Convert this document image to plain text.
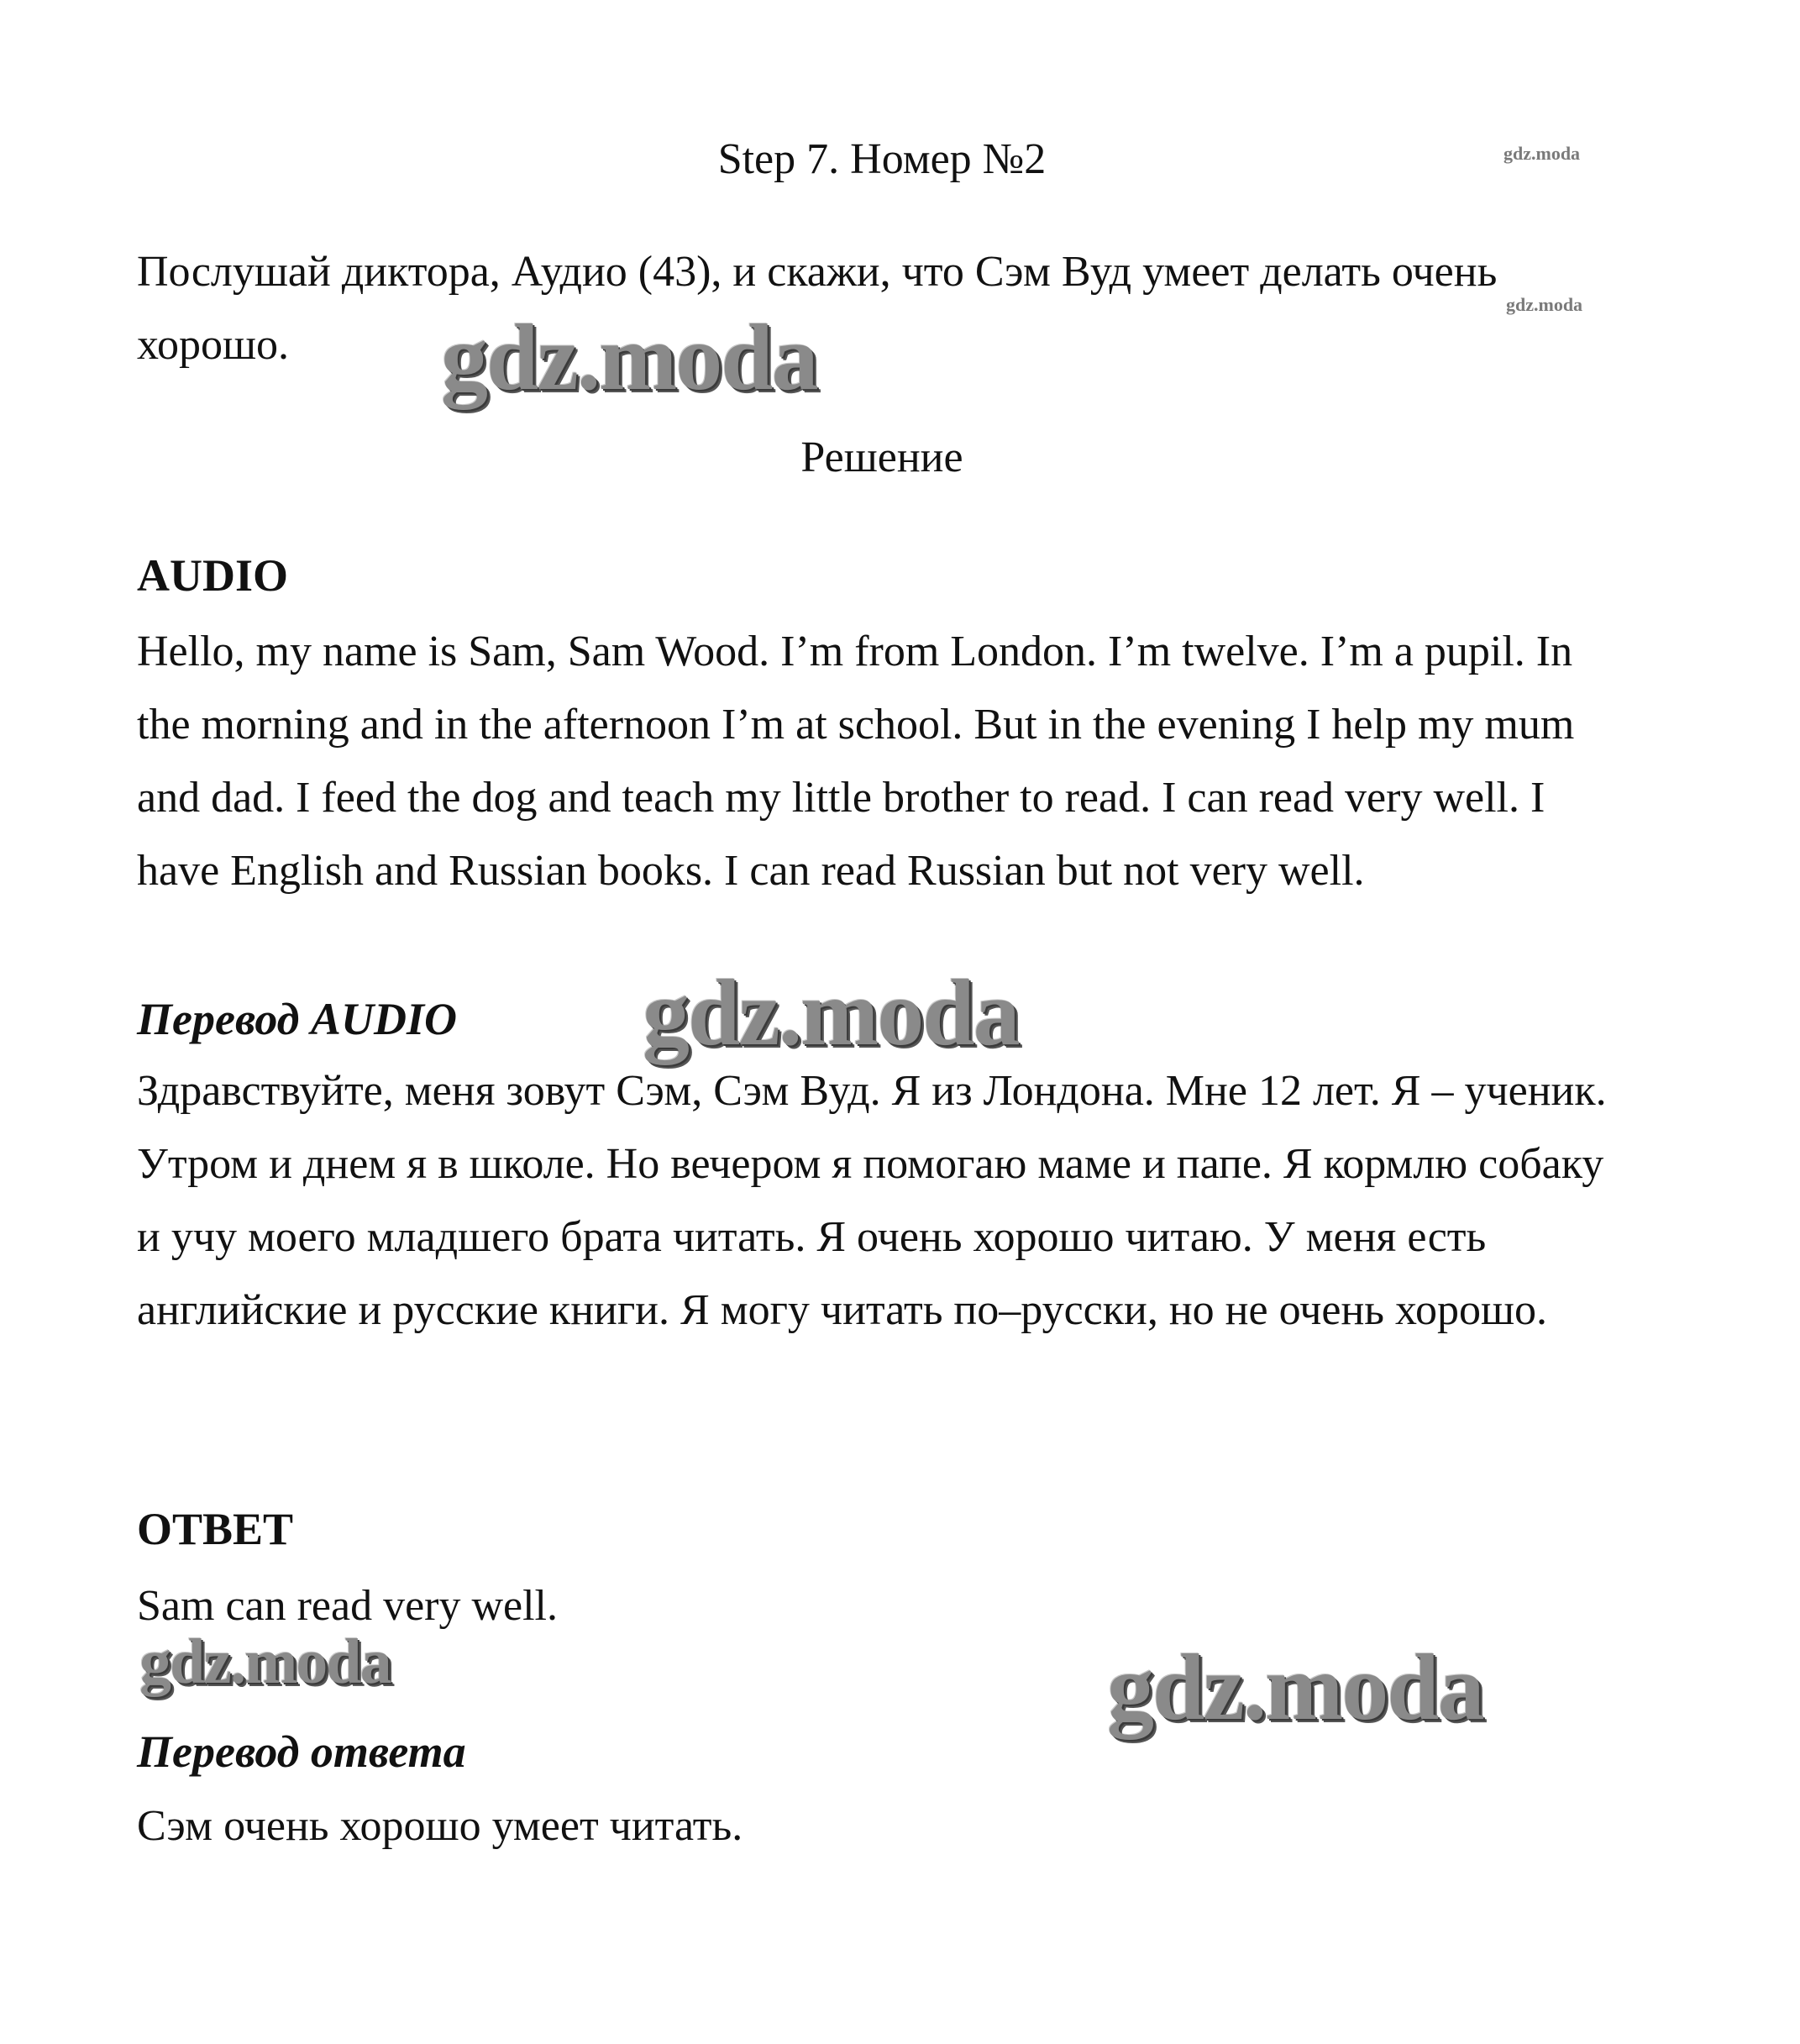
Step 7. Номер №2	gdz.moda
Послушай диктора, Аудио (43), и скажи, что Сэм Вуд умеет делать очень хорошо.
gdz.moda
gdz.moda
Решение
AUDIO
Hello, my name is Sam, Sam Wood. I’m from London. I’m twelve. I’m a pupil. In the morning and in the afternoon I’m at school. But in the evening I help my mum and dad. I feed the dog and teach my little brother to read. I can read very well. I have English and Russian books. I can read Russian but not very well.
Перевод AUDIO gdz.moda
Здравствуйте, меня зовут Сэм, Сэм Вуд. Я из Лондона. Мне 12 лет. Я – ученик. Утром и днем я в школе. Но вечером я помогаю маме и папе. Я кормлю собаку и учу моего младшего брата читать. Я очень хорошо читаю. У меня есть английские и русские книги. Я могу читать по–русски, но не очень хорошо.
ОТВЕТ
Sam can read very well.
gdz.moda	gdz.moda
Перевод ответа
Сэм очень хорошо умеет читать.
